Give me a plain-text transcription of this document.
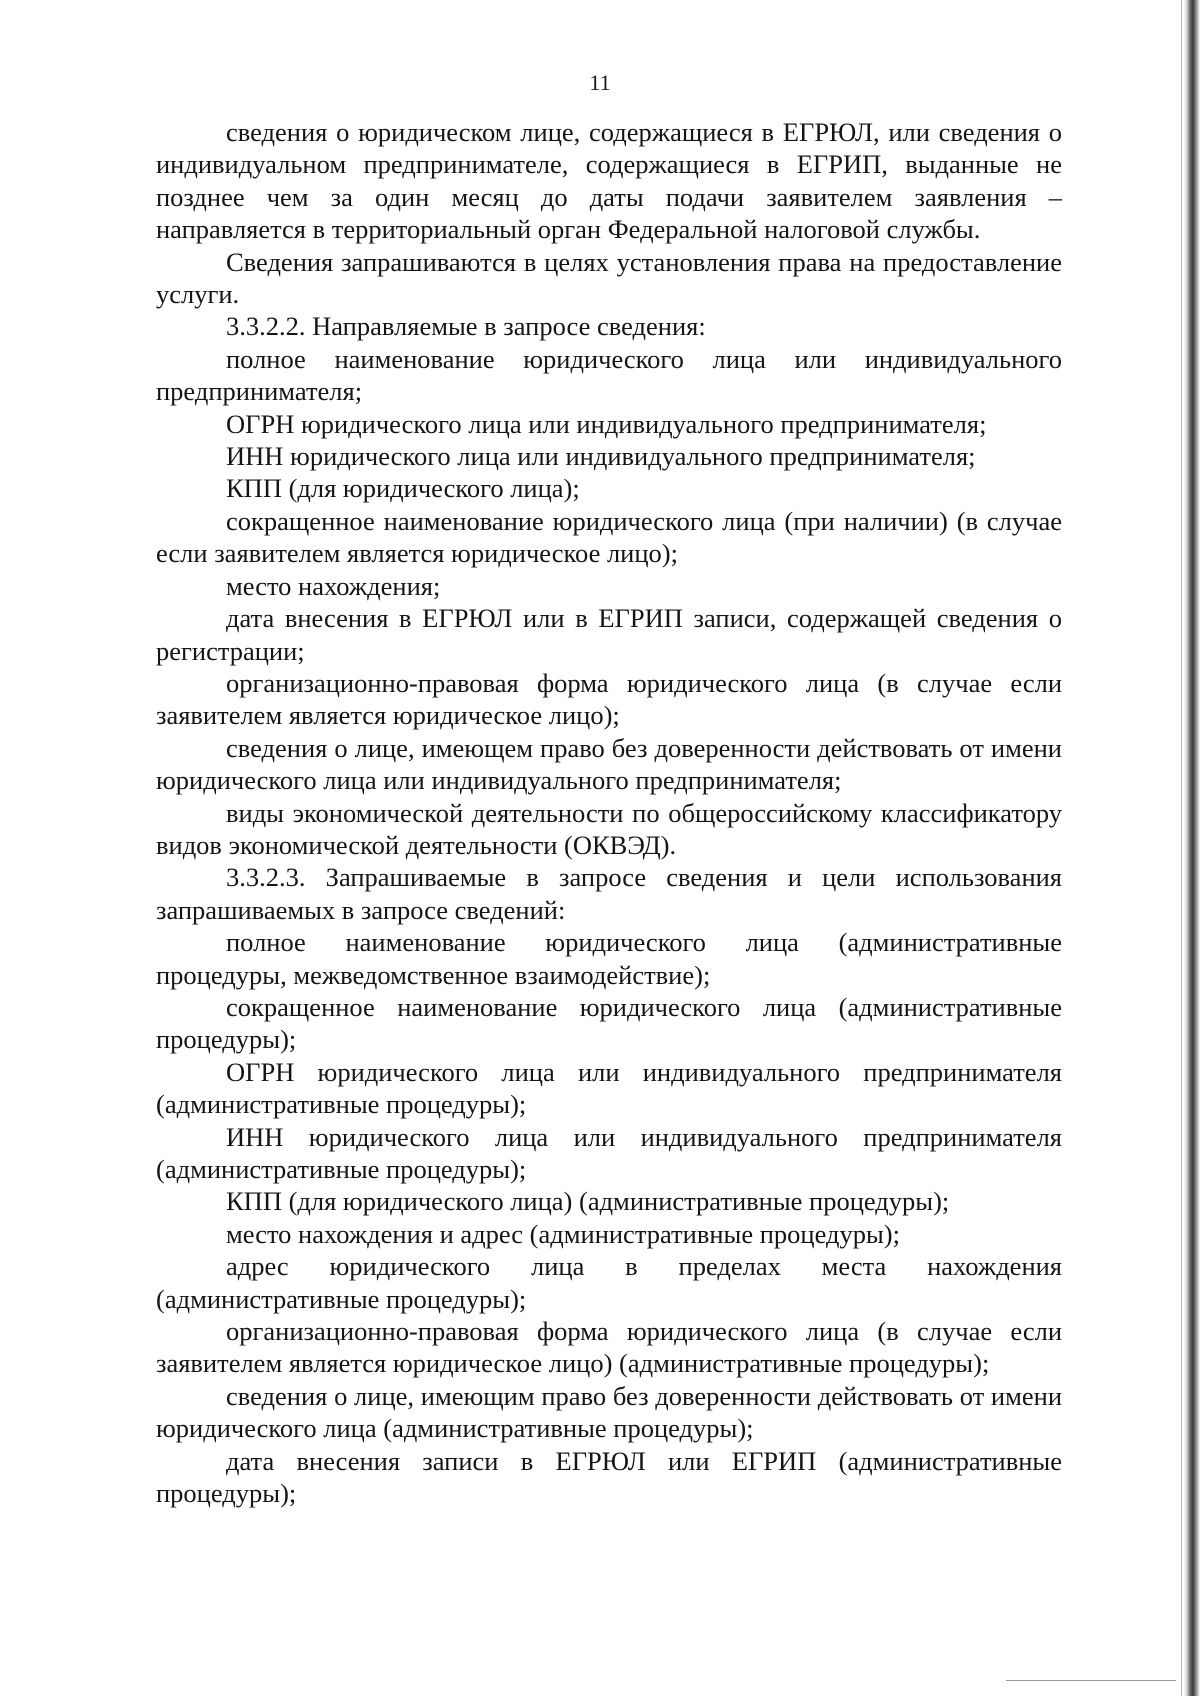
11

сведения о юридическом лице, содержащиеся в ЕГРЮЛ, или сведения о индивидуальном предпринимателе, содержащиеся в ЕГРИП, выданные не позднее чем за один месяц до даты подачи заявителем заявления – направляется в территориальный орган Федеральной налоговой службы.

Сведения запрашиваются в целях установления права на предоставление услуги.

3.3.2.2. Направляемые в запросе сведения:

полное наименование юридического лица или индивидуального предпринимателя;

ОГРН юридического лица или индивидуального предпринимателя;

ИНН юридического лица или индивидуального предпринимателя;

КПП (для юридического лица);

сокращенное наименование юридического лица (при наличии) (в случае если заявителем является юридическое лицо);

место нахождения;

дата внесения в ЕГРЮЛ или в ЕГРИП записи, содержащей сведения о регистрации;

организационно-правовая форма юридического лица (в случае если заявителем является юридическое лицо);

сведения о лице, имеющем право без доверенности действовать от имени юридического лица или индивидуального предпринимателя;

виды экономической деятельности по общероссийскому классификатору видов экономической деятельности (ОКВЭД).

3.3.2.3. Запрашиваемые в запросе сведения и цели использования запрашиваемых в запросе сведений:

полное наименование юридического лица (административные процедуры, межведомственное взаимодействие);

сокращенное наименование юридического лица (административные процедуры);

ОГРН юридического лица или индивидуального предпринимателя (административные процедуры);

ИНН юридического лица или индивидуального предпринимателя (административные процедуры);

КПП (для юридического лица) (административные процедуры);

место нахождения и адрес (административные процедуры);

адрес юридического лица в пределах места нахождения (административные процедуры);

организационно-правовая форма юридического лица (в случае если заявителем является юридическое лицо) (административные процедуры);

сведения о лице, имеющим право без доверенности действовать от имени юридического лица (административные процедуры);

дата внесения записи в ЕГРЮЛ или ЕГРИП (административные процедуры);
